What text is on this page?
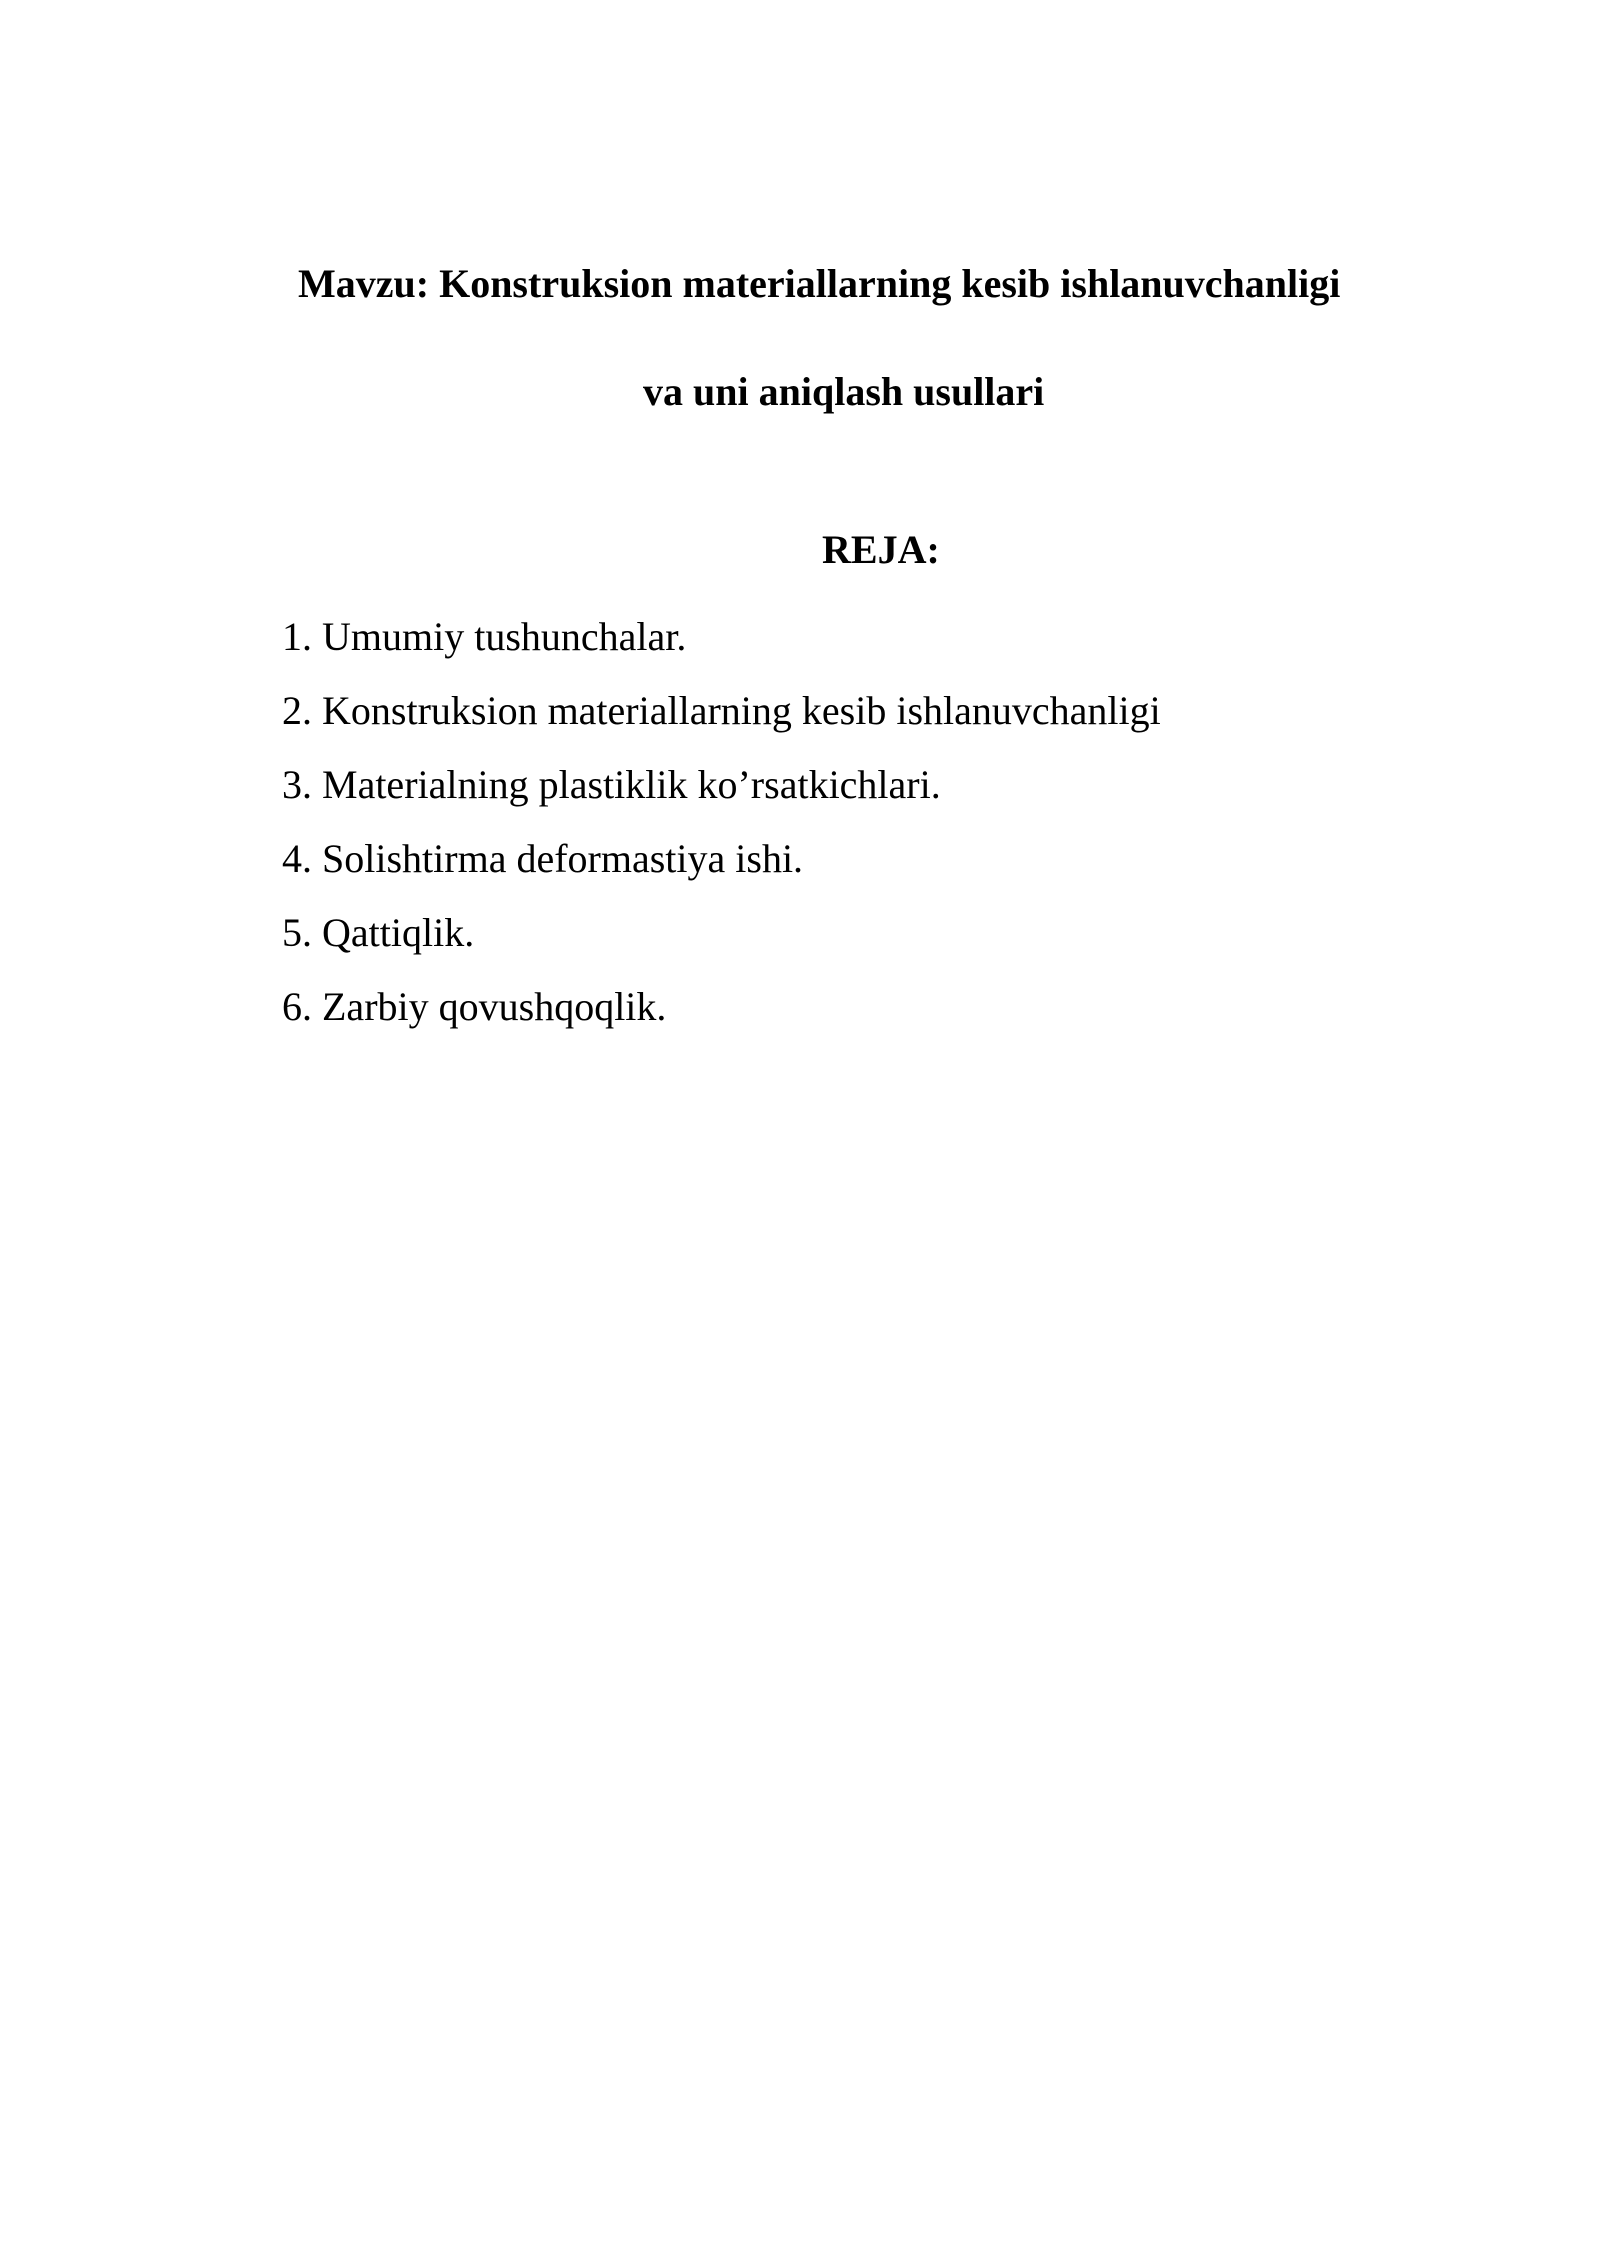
Mavzu: Konstruksion materiallarning kesib ishlanuvchanligi
va uni aniqlash usullari
REJA:
1. Umumiy tushunchalar.
2. Konstruksion materiallarning kesib ishlanuvchanligi
3. Materialning plastiklik ko’rsatkichlari.
4. Solishtirma deformastiya ishi.
5. Qattiqlik.
6. Zarbiy qovushqoqlik.
